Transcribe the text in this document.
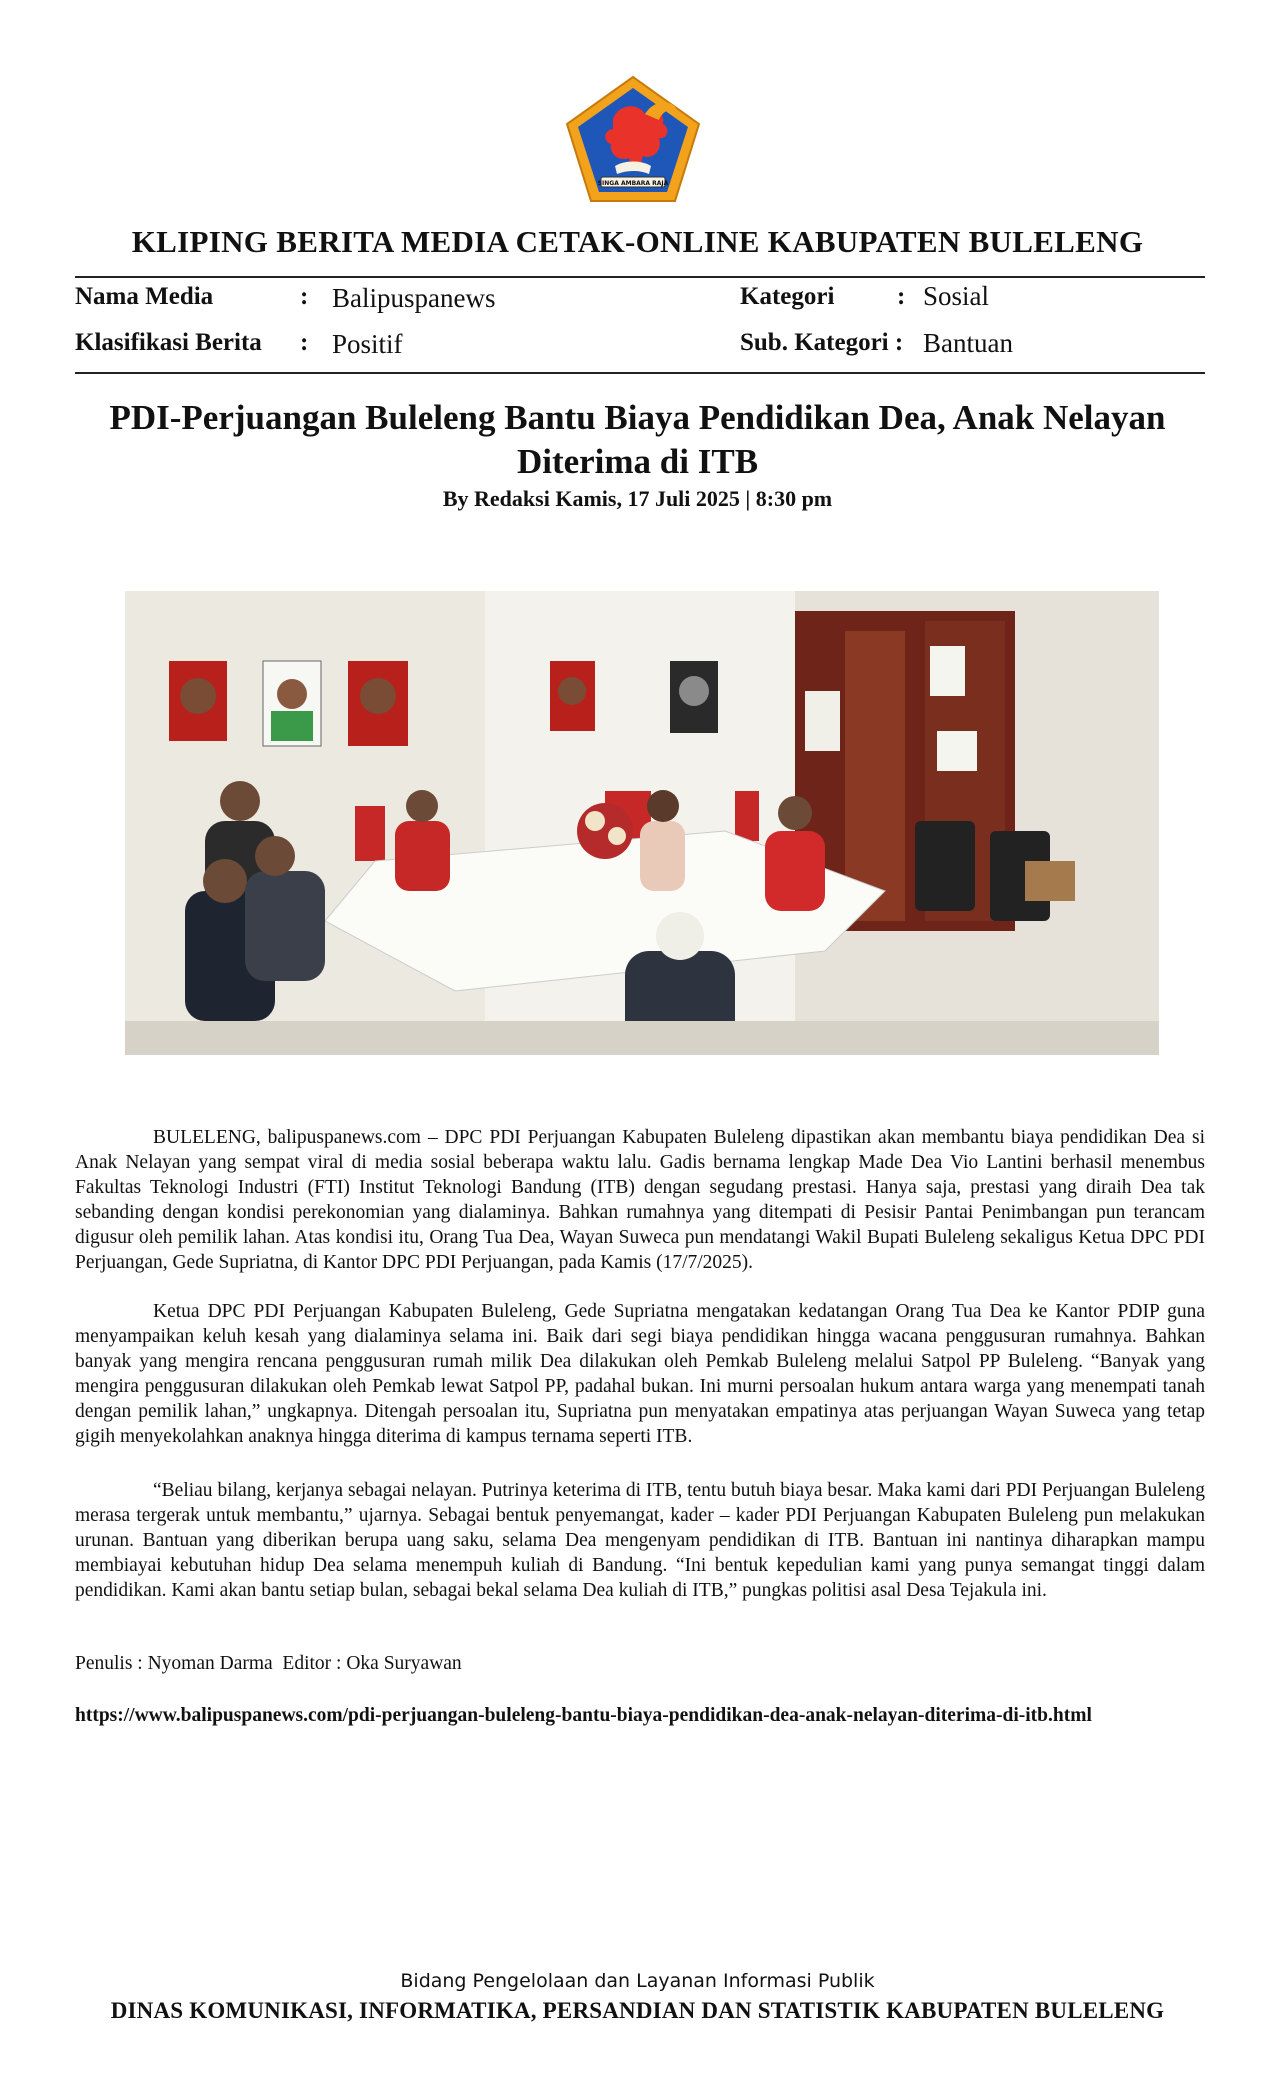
SINGA AMBARA RAJA
KLIPING BERITA MEDIA CETAK-ONLINE KABUPATEN BULELENG
Nama Media	: Balipuspanews	Kategori	: Sosial
Klasifikasi Berita : Positif	Sub. Kategori : Bantuan
PDI-Perjuangan Buleleng Bantu Biaya Pendidikan Dea, Anak Nelayan
Diterima di ITB
By Redaksi Kamis, 17 Juli 2025 | 8:30 pm
BULELENG, balipuspanews.com – DPC PDI Perjuangan Kabupaten Buleleng dipastikan akan membantu biaya pendidikan Dea si Anak Nelayan yang sempat viral di media sosial beberapa waktu lalu. Gadis bernama lengkap Made Dea Vio Lantini berhasil menembus Fakultas Teknologi Industri (FTI) Institut Teknologi Bandung (ITB) dengan segudang prestasi. Hanya saja, prestasi yang diraih Dea tak sebanding dengan kondisi perekonomian yang dialaminya. Bahkan rumahnya yang ditempati di Pesisir Pantai Penimbangan pun terancam digusur oleh pemilik lahan. Atas kondisi itu, Orang Tua Dea, Wayan Suweca pun mendatangi Wakil Bupati Buleleng sekaligus Ketua DPC PDI Perjuangan, Gede Supriatna, di Kantor DPC PDI Perjuangan, pada Kamis (17/7/2025).
Ketua DPC PDI Perjuangan Kabupaten Buleleng, Gede Supriatna mengatakan kedatangan Orang Tua Dea ke Kantor PDIP guna menyampaikan keluh kesah yang dialaminya selama ini. Baik dari segi biaya pendidikan hingga wacana penggusuran rumahnya. Bahkan banyak yang mengira rencana penggusuran rumah milik Dea dilakukan oleh Pemkab Buleleng melalui Satpol PP Buleleng. “Banyak yang mengira penggusuran dilakukan oleh Pemkab lewat Satpol PP, padahal bukan. Ini murni persoalan hukum antara warga yang menempati tanah dengan pemilik lahan,” ungkapnya. Ditengah persoalan itu, Supriatna pun menyatakan empatinya atas perjuangan Wayan Suweca yang tetap gigih menyekolahkan anaknya hingga diterima di kampus ternama seperti ITB.
“Beliau bilang, kerjanya sebagai nelayan. Putrinya keterima di ITB, tentu butuh biaya besar. Maka kami dari PDI Perjuangan Buleleng merasa tergerak untuk membantu,” ujarnya. Sebagai bentuk penyemangat, kader – kader PDI Perjuangan Kabupaten Buleleng pun melakukan urunan. Bantuan yang diberikan berupa uang saku, selama Dea mengenyam pendidikan di ITB. Bantuan ini nantinya diharapkan mampu membiayai kebutuhan hidup Dea selama menempuh kuliah di Bandung. “Ini bentuk kepedulian kami yang punya semangat tinggi dalam pendidikan. Kami akan bantu setiap bulan, sebagai bekal selama Dea kuliah di ITB,” pungkas politisi asal Desa Tejakula ini.
Penulis : Nyoman Darma  Editor : Oka Suryawan
https://www.balipuspanews.com/pdi-perjuangan-buleleng-bantu-biaya-pendidikan-dea-anak-nelayan-diterima-di-itb.html
Bidang Pengelolaan dan Layanan Informasi Publik
DINAS KOMUNIKASI, INFORMATIKA, PERSANDIAN DAN STATISTIK KABUPATEN BULELENG
